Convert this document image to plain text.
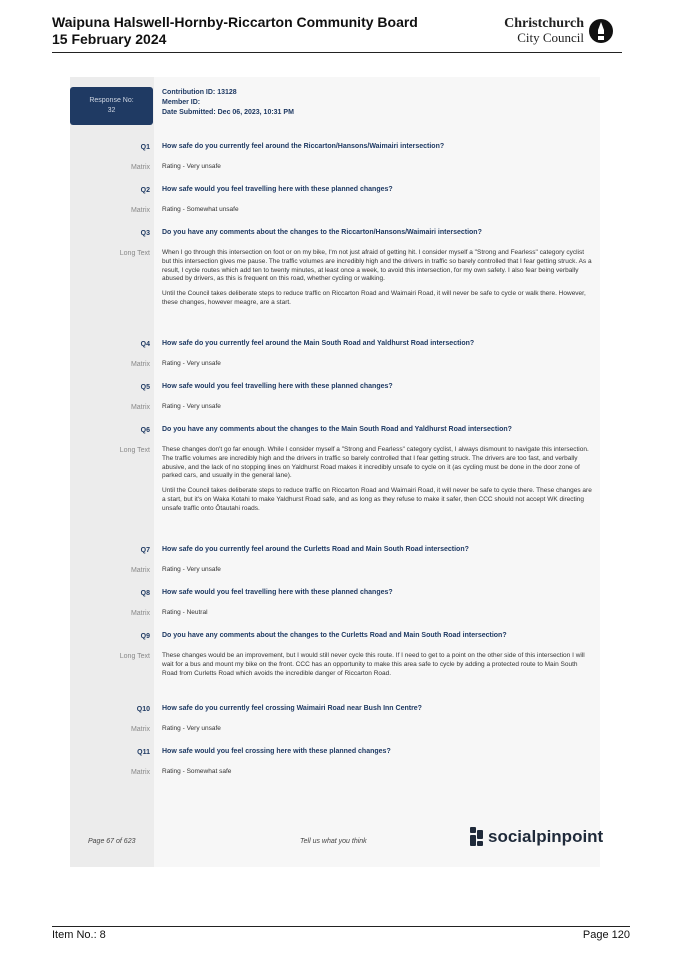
Waipuna Halswell-Hornby-Riccarton Community Board
15 February 2024
Christchurch
City Council
Response No:
32
Contribution ID: 13128
Member ID:
Date Submitted: Dec 06, 2023, 10:31 PM
Q1 How safe do you currently feel around the Riccarton/Hansons/Waimairi intersection?
Matrix Rating - Very unsafe
Q2 How safe would you feel travelling here with these planned changes?
Matrix Rating - Somewhat unsafe
Q3 Do you have any comments about the changes to the Riccarton/Hansons/Waimairi intersection?
Long Text When I go through this intersection on foot or on my bike, I'm not just afraid of getting hit. I consider myself a "Strong and Fearless" category cyclist but this intersection gives me pause. The traffic volumes are incredibly high and the drivers in traffic so barely controlled that I fear getting struck. As a result, I cycle routes which add ten to twenty minutes, at least once a week, to avoid this intersection, for my own safety. I also fear being verbally abused by drivers, as this is frequent on this road, whether cycling or walking.

Until the Council takes deliberate steps to reduce traffic on Riccarton Road and Waimairi Road, it will never be safe to cycle or walk there. However, these changes, however meagre, are a start.

Q4 How safe do you currently feel around the Main South Road and Yaldhurst Road intersection?
Matrix Rating - Very unsafe
Q5 How safe would you feel travelling here with these planned changes?
Matrix Rating - Very unsafe
Q6 Do you have any comments about the changes to the Main South Road and Yaldhurst Road intersection?
Long Text These changes don't go far enough. While I consider myself a "Strong and Fearless" category cyclist, I always dismount to navigate this intersection. The traffic volumes are incredibly high and the drivers in traffic so barely controlled that I fear getting struck. The drivers are too fast, and verbally abusive, and the lack of no stopping lines on Yaldhurst Road makes it incredibly unsafe to cycle on it (as cycling must be done in the door zone of parked cars, and usually in the general lane).

Until the Council takes deliberate steps to reduce traffic on Riccarton Road and Waimairi Road, it will never be safe to cycle there. These changes are a start, but it's on Waka Kotahi to make Yaldhurst Road safe, and as long as they refuse to make it safer, then CCC should not accept WK directing unsafe traffic onto Ōtautahi roads.

Q7 How safe do you currently feel around the Curletts Road and Main South Road intersection?
Matrix Rating - Very unsafe
Q8 How safe would you feel travelling here with these planned changes?
Matrix Rating - Neutral
Q9 Do you have any comments about the changes to the Curletts Road and Main South Road intersection?
Long Text These changes would be an improvement, but I would still never cycle this route. If I need to get to a point on the other side of this intersection I will wait for a bus and mount my bike on the front. CCC has an opportunity to make this area safe to cycle by adding a protected route to Main South Road from Curletts Road which avoids the incredible danger of Riccarton Road.

Q10 How safe do you currently feel crossing Waimairi Road near Bush Inn Centre?
Matrix Rating - Very unsafe
Q11 How safe would you feel crossing here with these planned changes?
Matrix Rating - Somewhat safe
Page 67 of 623	Tell us what you think	socialpinpoint
Item No.: 8	Page 120
